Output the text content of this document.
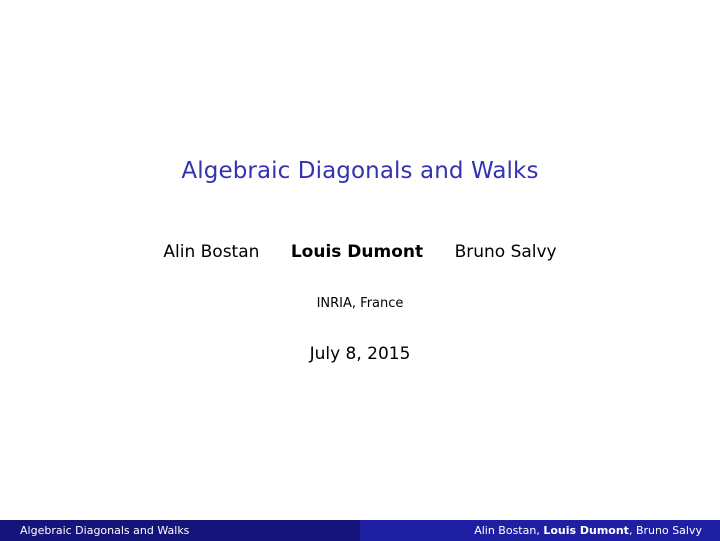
Algebraic Diagonals and Walks
Alin Bostan Louis Dumont Bruno Salvy
INRIA, France
July 8, 2015
Algebraic Diagonals and Walks	Alin Bostan, Louis Dumont, Bruno Salvy
